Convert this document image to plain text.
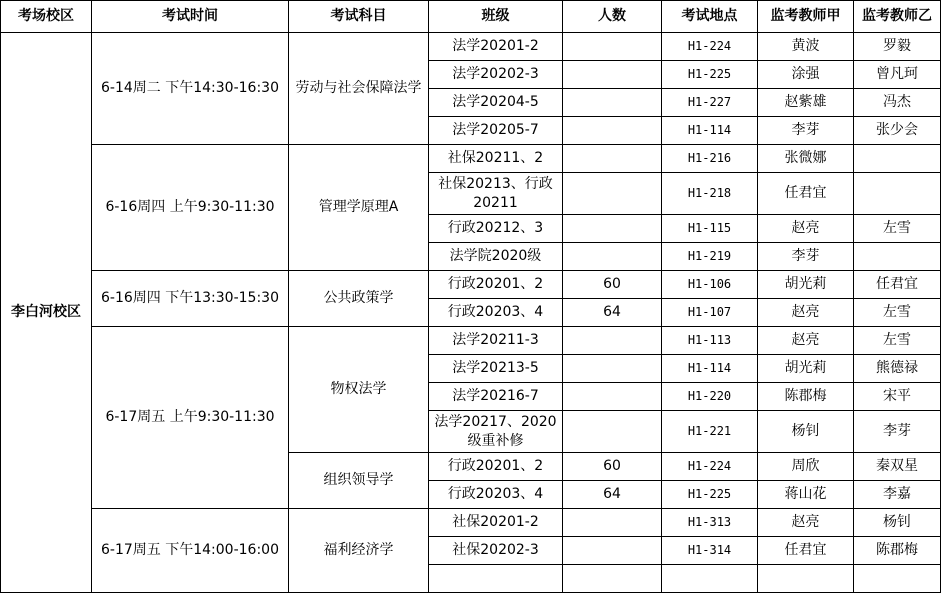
考场校区	考试时间	考试科目	班级	人数	考试地点	监考教师甲	监考教师乙
李白河校区	6-14周二 下午14:30-16:30	劳动与社会保障法学	法学20201-2		H1-224	黄波	罗毅
			法学20202-3		H1-225	涂强	曾凡珂
			法学20204-5		H1-227	赵紫雄	冯杰
			法学20205-7		H1-114	李芽	张少会
	6-16周四 上午9:30-11:30	管理学原理A	社保20211、2		H1-216	张微娜	
			社保20213、行政20211		H1-218	任君宜	
			行政20212、3		H1-115	赵亮	左雪
			法学院2020级		H1-219	李芽	
	6-16周四 下午13:30-15:30	公共政策学	行政20201、2	60	H1-106	胡光莉	任君宜
			行政20203、4	64	H1-107	赵亮	左雪
	6-17周五 上午9:30-11:30	物权法学	法学20211-3		H1-113	赵亮	左雪
			法学20213-5		H1-114	胡光莉	熊德禄
			法学20216-7		H1-220	陈郡梅	宋平
			法学20217、2020级重补修		H1-221	杨钊	李芽
		组织领导学	行政20201、2	60	H1-224	周欣	秦双星
			行政20203、4	64	H1-225	蒋山花	李嘉
	6-17周五 下午14:00-16:00	福利经济学	社保20201-2		H1-313	赵亮	杨钊
			社保20202-3		H1-314	任君宜	陈郡梅
